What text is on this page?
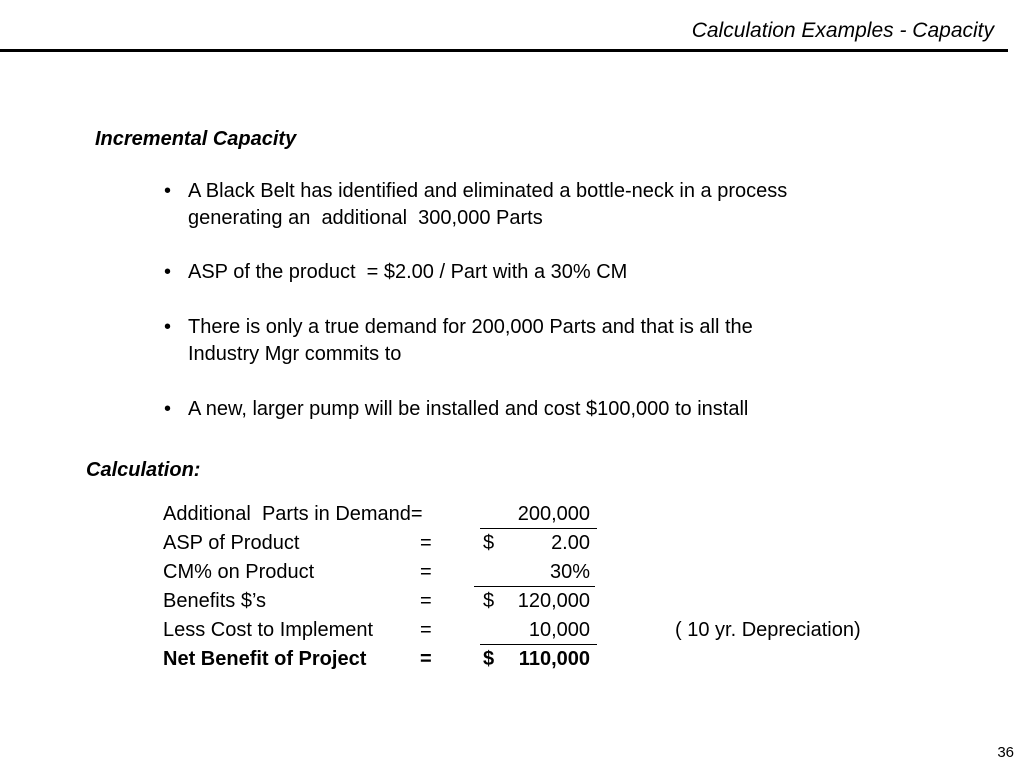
Calculation Examples - Capacity
Incremental Capacity
• A Black Belt has identified and eliminated a bottle-neck in a process
generating an  additional  300,000 Parts
• ASP of the product  = $2.00 / Part with a 30% CM
• There is only a true demand for 200,000 Parts and that is all the
Industry Mgr commits to
• A new, larger pump will be installed and cost $100,000 to install
Calculation:
Additional  Parts in Demand=	200,000
ASP of Product	=	$	2.00
CM% on Product	=	30%
Benefits $’s	=	$ 120,000
Less Cost to Implement =	10,000	( 10 yr. Depreciation)
Net Benefit of Project	=	$ 110,000
36
